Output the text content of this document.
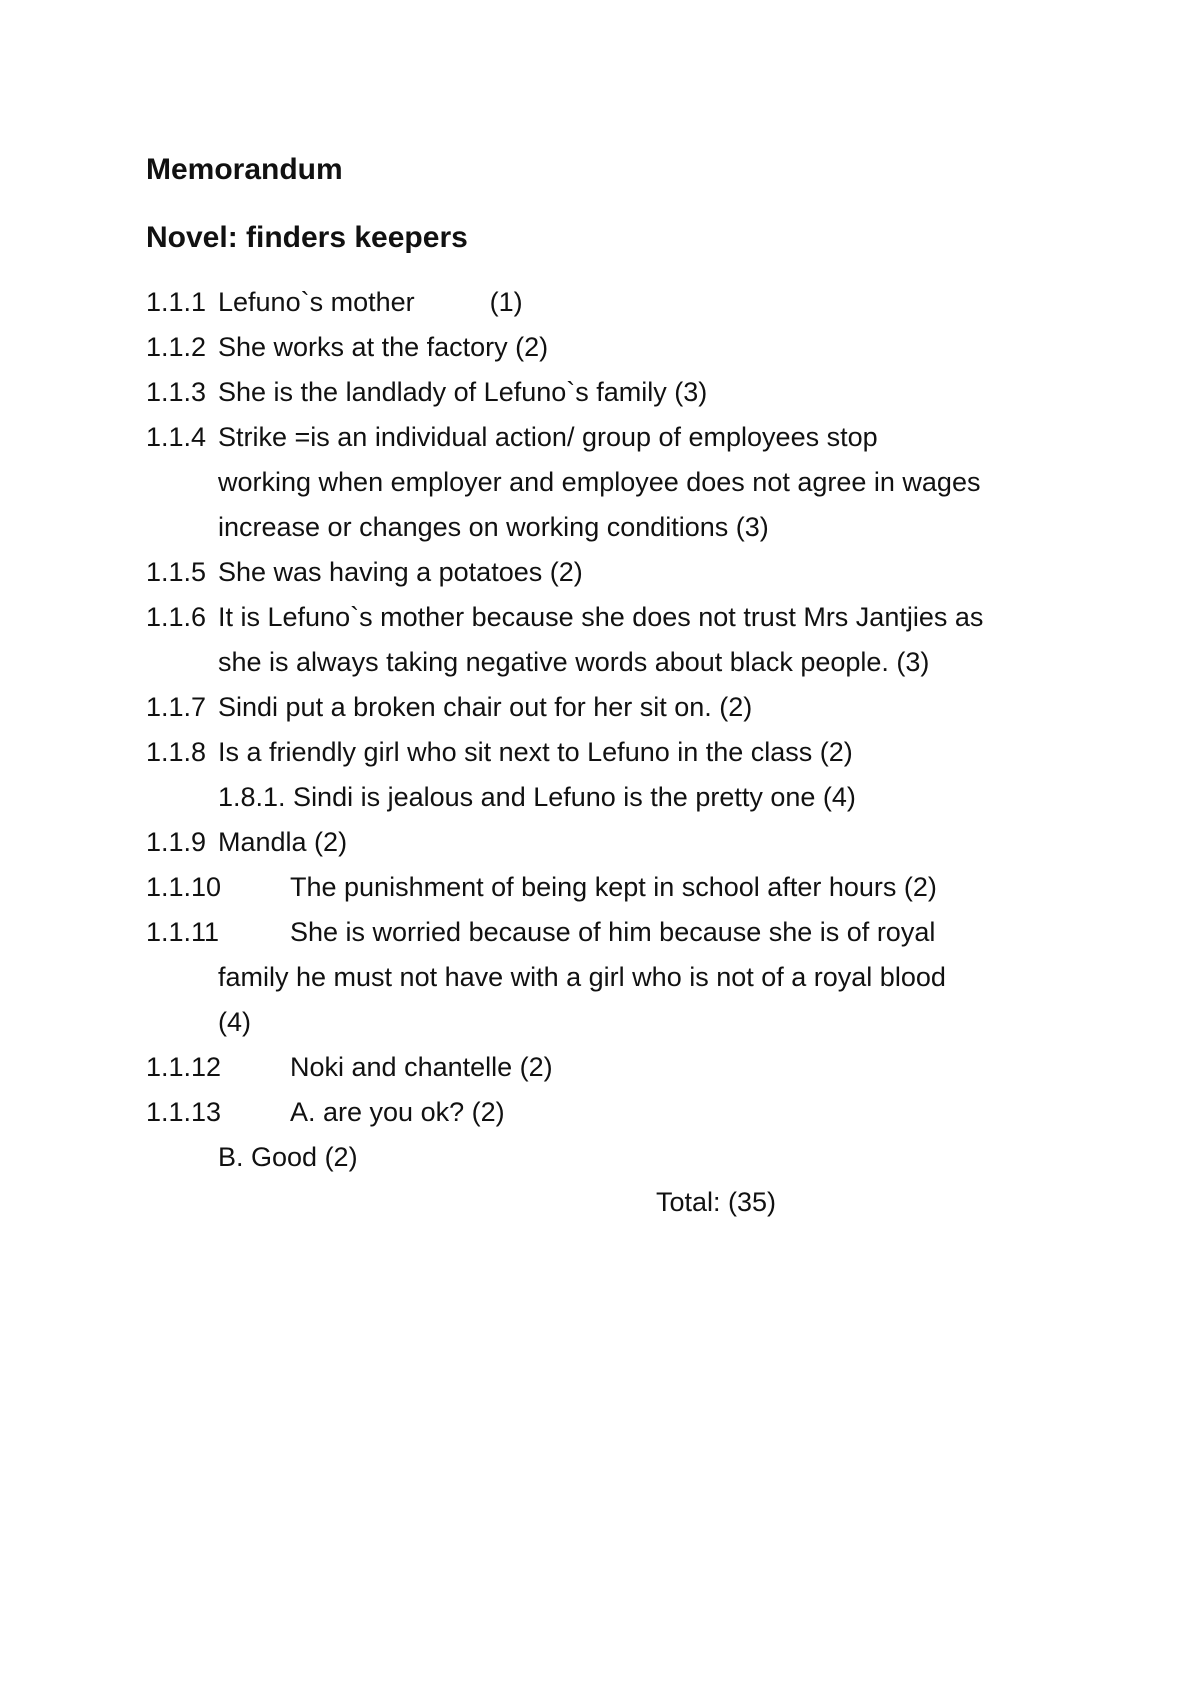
Memorandum
Novel: finders keepers
1.1.1 Lefuno`s mother	(1)
1.1.2 She works at the factory (2)
1.1.3 She is the landlady of Lefuno`s family (3)
1.1.4 Strike =is an individual action/ group of employees stop
working when employer and employee does not agree in wages
increase or changes on working conditions (3)
1.1.5 She was having a potatoes (2)
1.1.6 It is Lefuno`s mother because she does not trust Mrs Jantjies as
she is always taking negative words about black people. (3)
1.1.7 Sindi put a broken chair out for her sit on. (2)
1.1.8 Is a friendly girl who sit next to Lefuno in the class (2)
1.8.1. Sindi is jealous and Lefuno is the pretty one (4)
1.1.9 Mandla (2)
1.1.10	The punishment of being kept in school after hours (2)
1.1.11	She is worried because of him because she is of royal
family he must not have with a girl who is not of a royal blood
(4)
1.1.12	Noki and chantelle (2)
1.1.13	A. are you ok? (2)
B. Good (2)
Total: (35)
